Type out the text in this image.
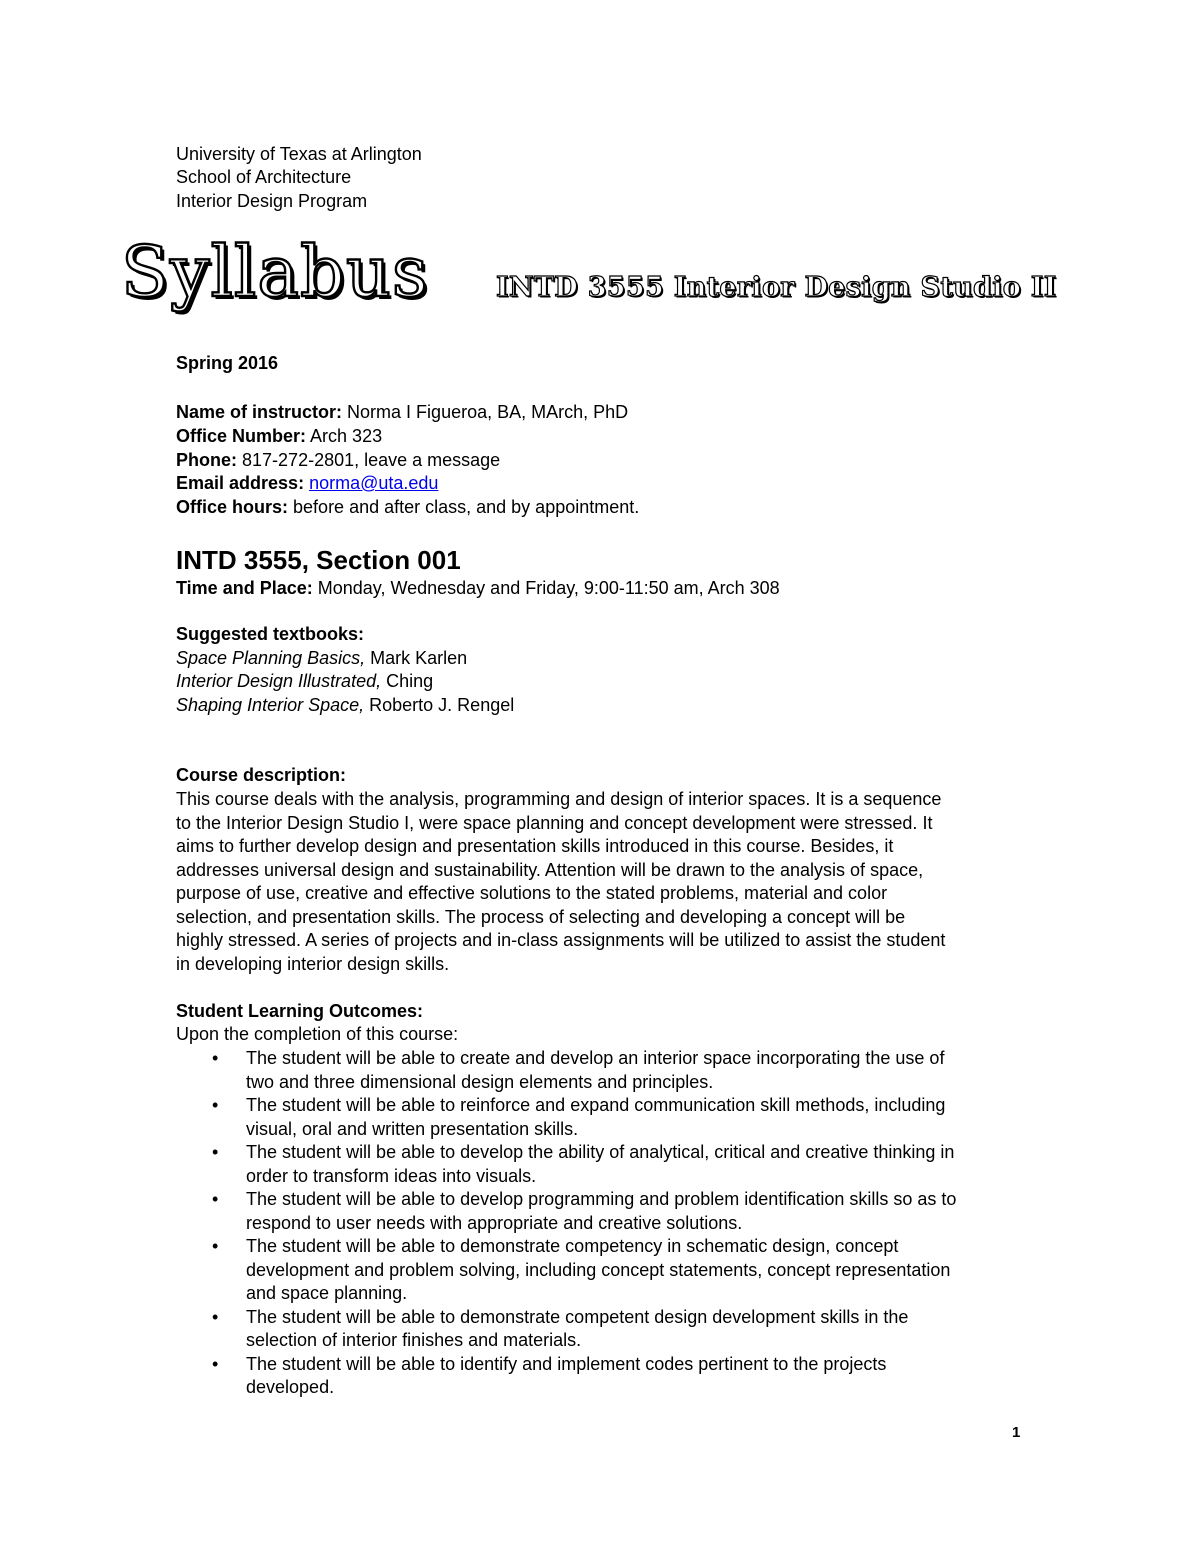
University of Texas at Arlington
School of Architecture
Interior Design Program
Syllabus INTD 3555 Interior Design Studio II
Spring 2016
Name of instructor: Norma I Figueroa, BA, MArch, PhD
Office Number: Arch 323
Phone: 817-272-2801, leave a message
Email address: norma@uta.edu
Office hours: before and after class, and by appointment.
INTD 3555, Section 001
Time and Place: Monday, Wednesday and Friday, 9:00-11:50 am, Arch 308
Suggested textbooks:
Space Planning Basics, Mark Karlen
Interior Design Illustrated, Ching
Shaping Interior Space, Roberto J. Rengel
Course description:
This course deals with the analysis, programming and design of interior spaces. It is a sequence
to the Interior Design Studio I, were space planning and concept development were stressed. It
aims to further develop design and presentation skills introduced in this course. Besides, it
addresses universal design and sustainability. Attention will be drawn to the analysis of space,
purpose of use, creative and effective solutions to the stated problems, material and color
selection, and presentation skills. The process of selecting and developing a concept will be
highly stressed. A series of projects and in-class assignments will be utilized to assist the student
in developing interior design skills.
Student Learning Outcomes:
Upon the completion of this course:
• The student will be able to create and develop an interior space incorporating the use of
two and three dimensional design elements and principles.
• The student will be able to reinforce and expand communication skill methods, including
visual, oral and written presentation skills.
• The student will be able to develop the ability of analytical, critical and creative thinking in
order to transform ideas into visuals.
• The student will be able to develop programming and problem identification skills so as to
respond to user needs with appropriate and creative solutions.
• The student will be able to demonstrate competency in schematic design, concept
development and problem solving, including concept statements, concept representation
and space planning.
• The student will be able to demonstrate competent design development skills in the
selection of interior finishes and materials.
• The student will be able to identify and implement codes pertinent to the projects
developed.
1
